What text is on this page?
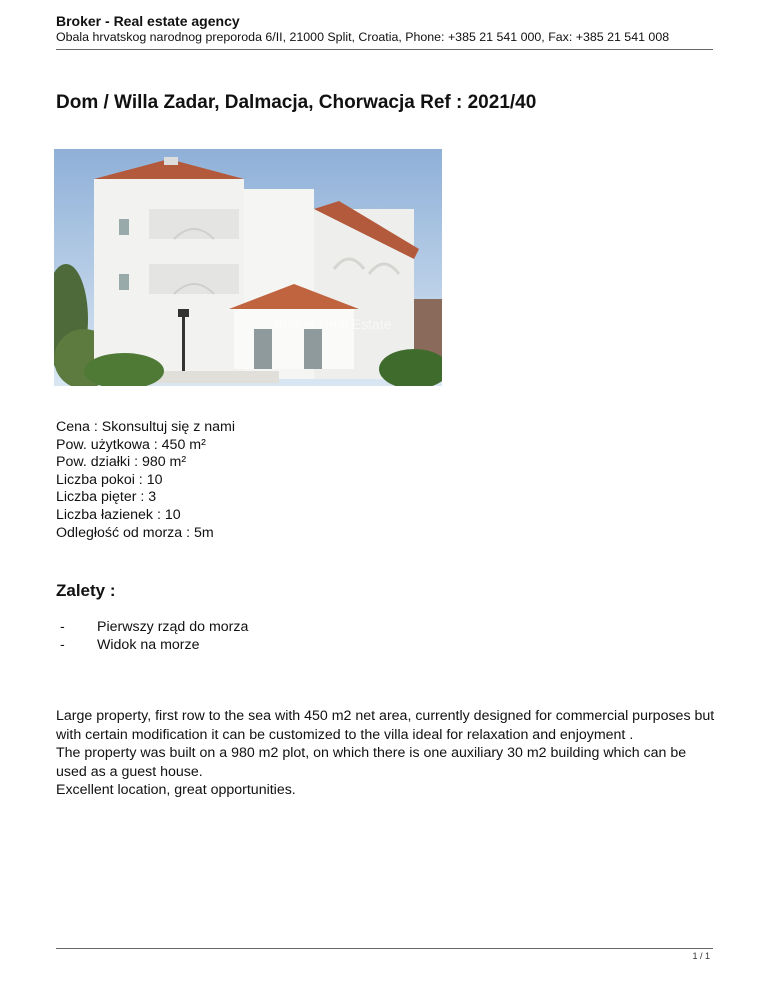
Broker - Real estate agency
Obala hrvatskog narodnog preporoda 6/II, 21000 Split, Croatia, Phone: +385 21 541 000, Fax: +385 21 541 008
Dom / Willa Zadar, Dalmacja, Chorwacja Ref : 2021/40
Broker Real Estate
Cena : Skonsultuj się z nami
Pow. użytkowa : 450 m²
Pow. działki : 980 m²
Liczba pokoi : 10
Liczba pięter : 3
Liczba łazienek : 10
Odległość od morza : 5m
Zalety :
- Pierwszy rząd do morza
- Widok na morze

Large property, first row to the sea with 450 m2 net area, currently designed for commercial purposes but with certain modification it can be customized to the villa ideal for relaxation and enjoyment .

The property was built on a 980 m2 plot, on which there is one auxiliary 30 m2 building which can be used as a guest house.

Excellent location, great opportunities.

1 / 1
